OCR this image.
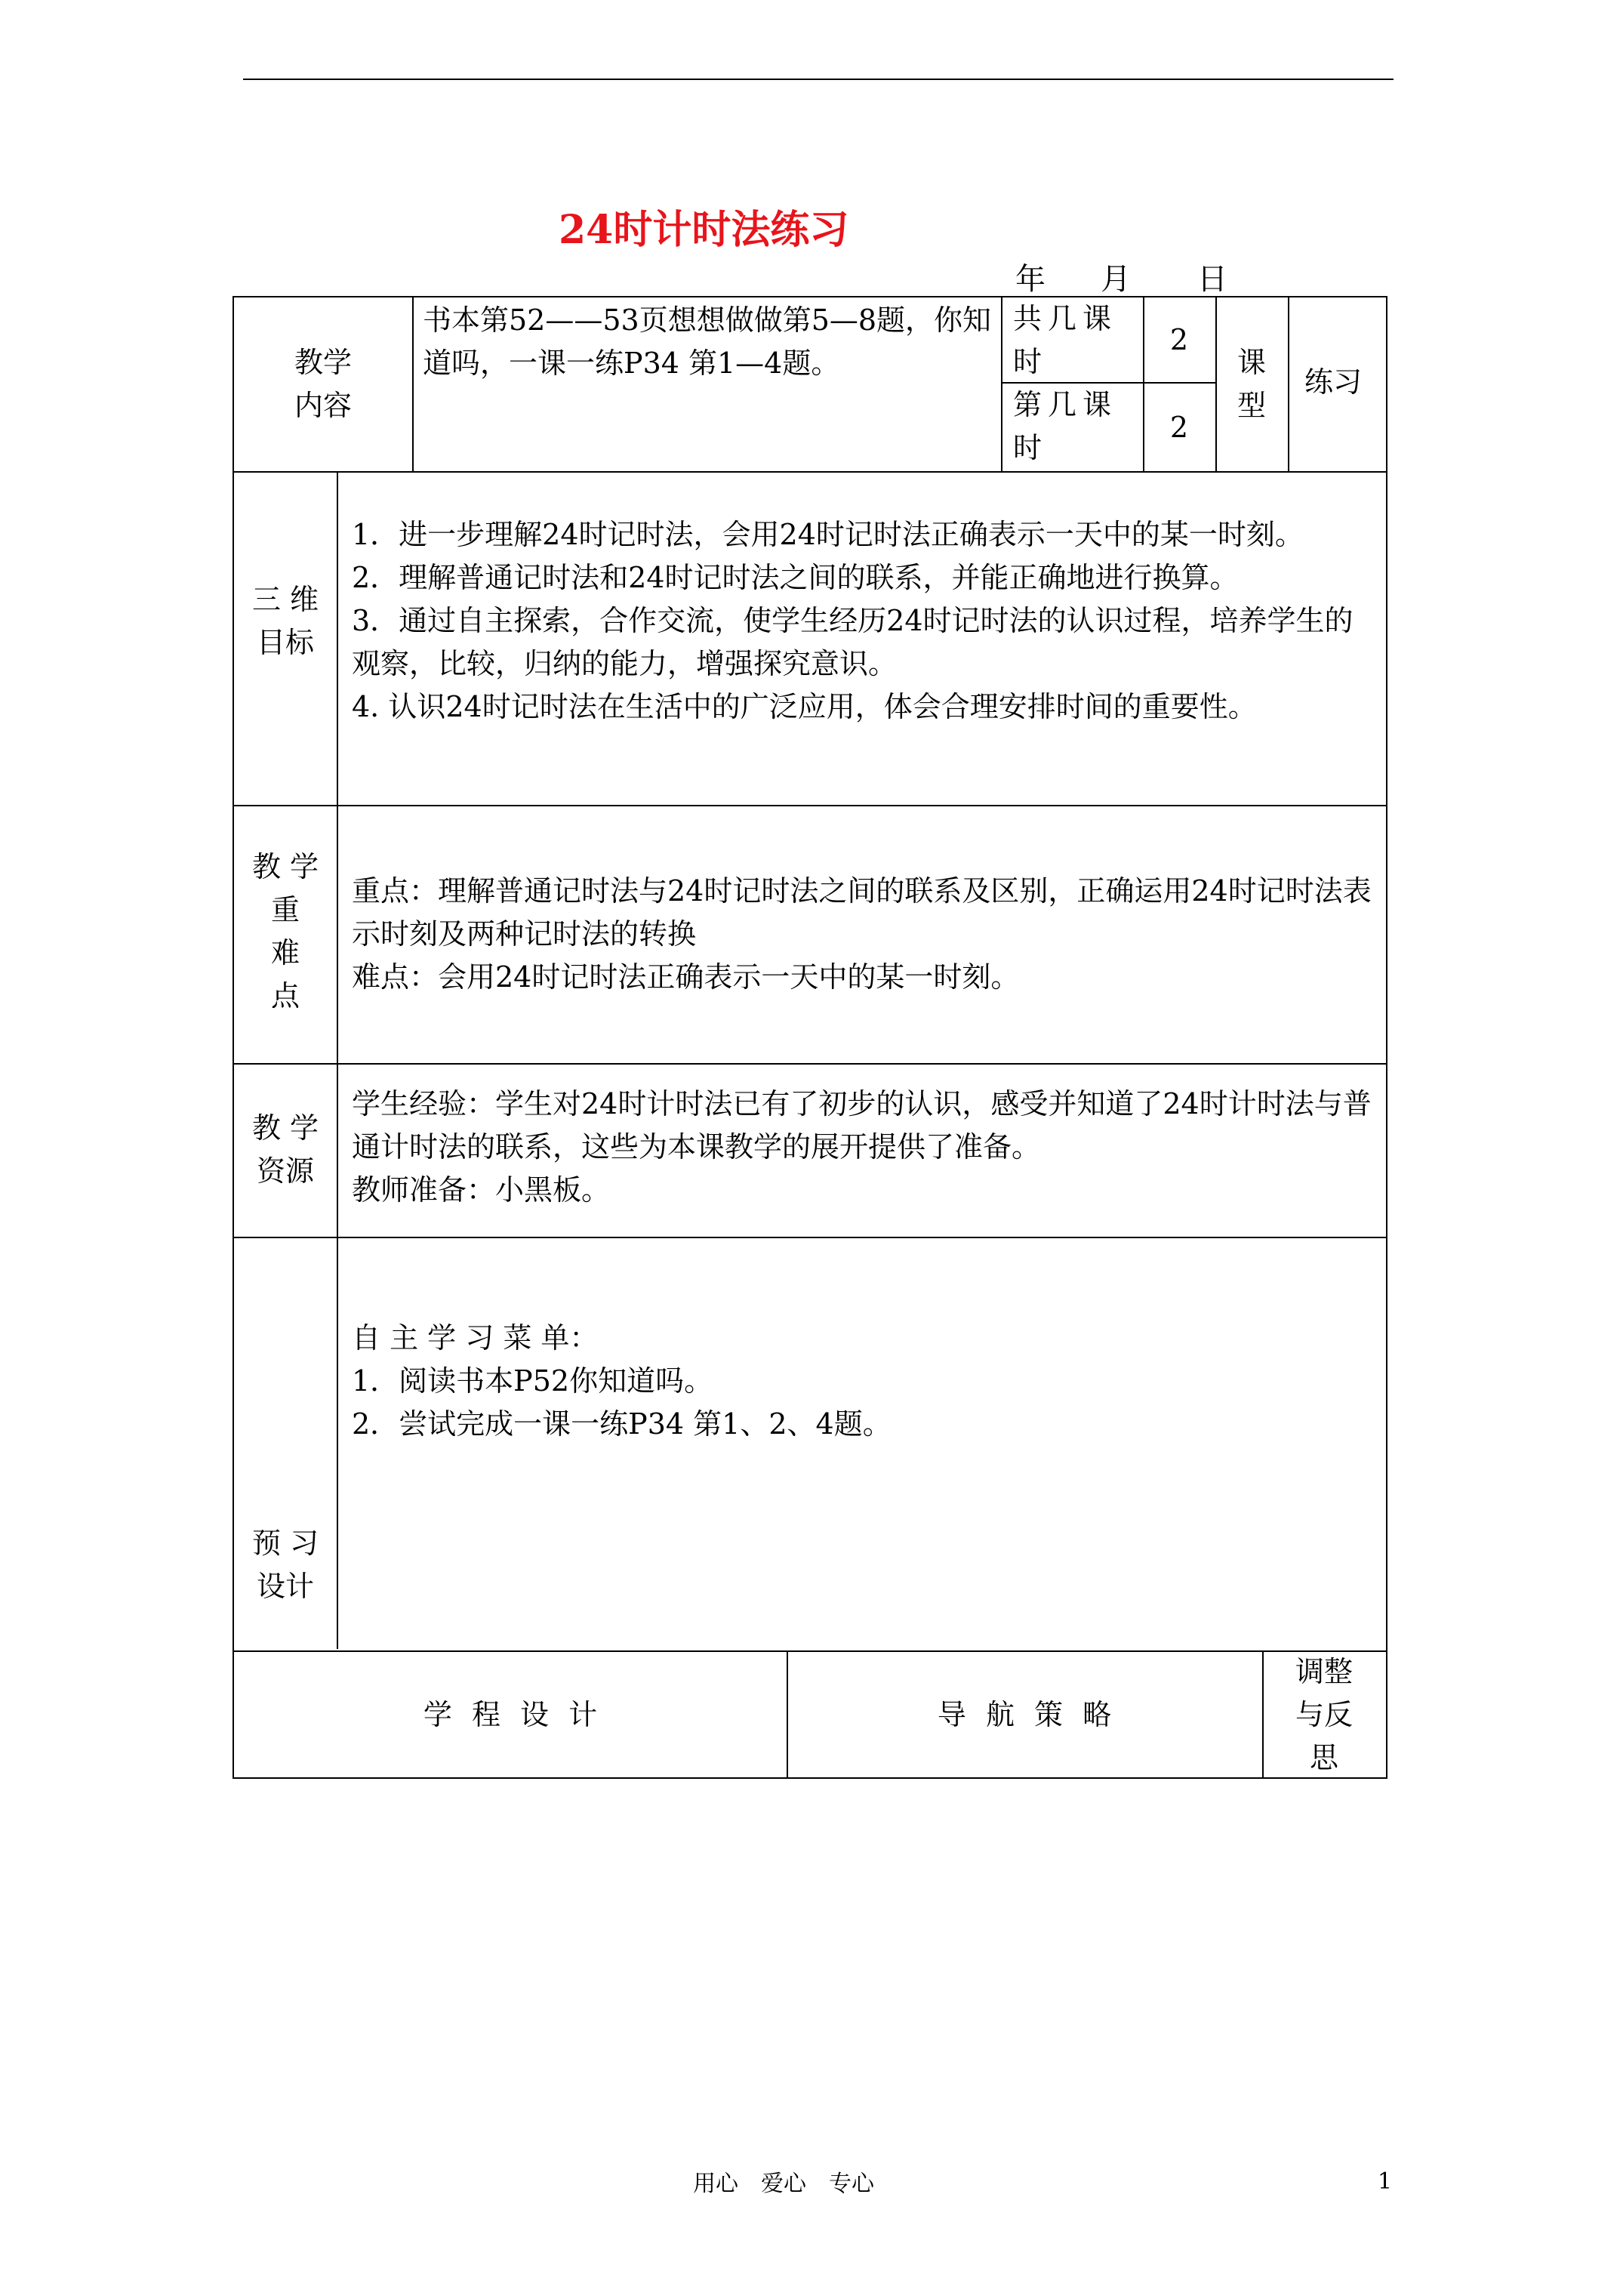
24时计时法练习
年 月 日
教学
内容
书本第52——53页想想做做第5—8题，你知道吗，一课一练P34 第1—4题。
共几课时
2
第几课时
2
课型
练习
三 维
目标

1．进一步理解24时记时法，会用24时记时法正确表示一天中的某一时刻。

2．理解普通记时法和24时记时法之间的联系，并能正确地进行换算。

3．通过自主探索，合作交流，使学生经历24时记时法的认识过程，培养学生的观察，比较，归纳的能力，增强探究意识。

4. 认识24时记时法在生活中的广泛应用，体会合理安排时间的重要性。

教 学
重
难
点

重点：理解普通记时法与24时记时法之间的联系及区别，正确运用24时记时法表示时刻及两种记时法的转换

难点：会用24时记时法正确表示一天中的某一时刻。

教 学
资源

学生经验：学生对24时计时法已有了初步的认识，感受并知道了24时计时法与普通计时法的联系，这些为本课教学的展开提供了准备。

教师准备：小黑板。

预 习
设计

自 主 学 习 菜 单：

1．阅读书本P52你知道吗。

2．尝试完成一课一练P34 第1、2、4题。

学 程 设 计	导 航 策 略
调整
与反
思
用心 爱心 专心	1
